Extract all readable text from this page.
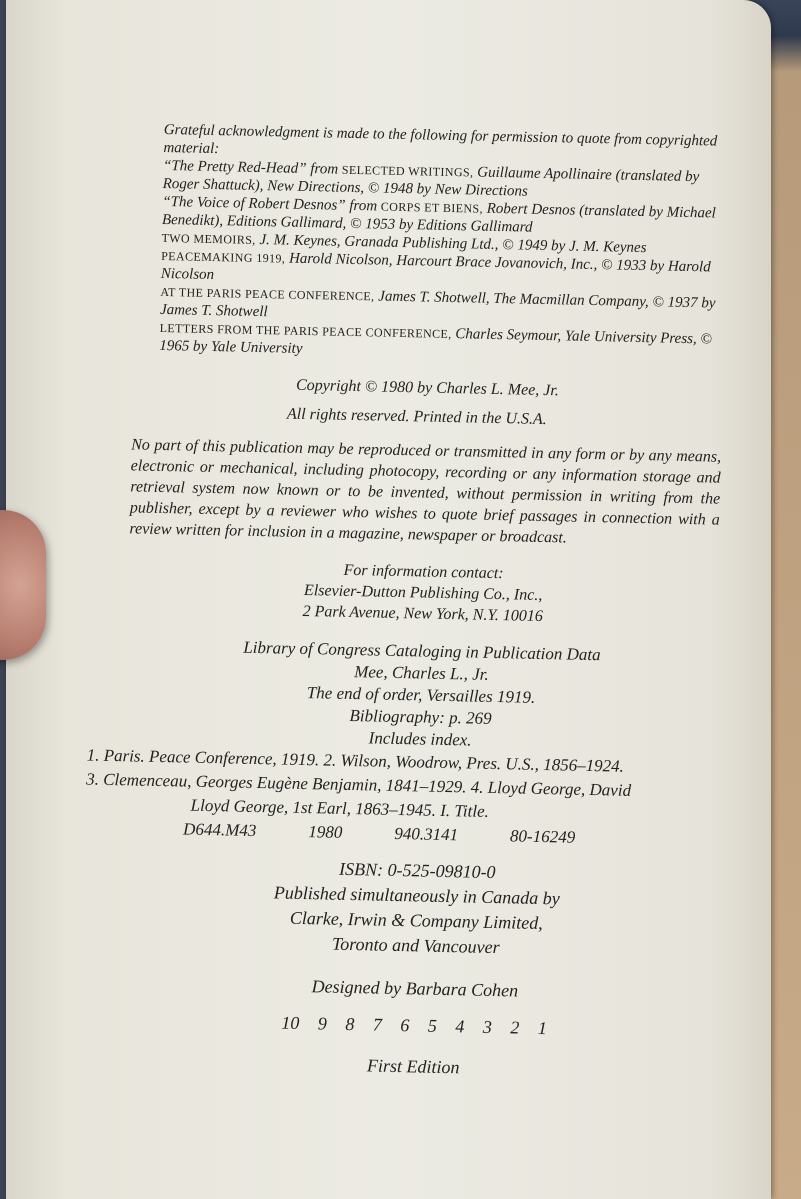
Grateful acknowledgment is made to the following for permission to quote from copyrighted material:

“The Pretty Red-Head” from SELECTED WRITINGS, Guillaume Apollinaire (translated by Roger Shattuck), New Directions, © 1948 by New Directions

“The Voice of Robert Desnos” from CORPS ET BIENS, Robert Desnos (translated by Michael Benedikt), Editions Gallimard, © 1953 by Editions Gallimard

TWO MEMOIRS, J. M. Keynes, Granada Publishing Ltd., © 1949 by J. M. Keynes

PEACEMAKING 1919, Harold Nicolson, Harcourt Brace Jovanovich, Inc., © 1933 by Harold Nicolson

AT THE PARIS PEACE CONFERENCE, James T. Shotwell, The Macmillan Company, © 1937 by James T. Shotwell

LETTERS FROM THE PARIS PEACE CONFERENCE, Charles Seymour, Yale University Press, © 1965 by Yale University

Copyright © 1980 by Charles L. Mee, Jr.
All rights reserved. Printed in the U.S.A.
No part of this publication may be reproduced or transmitted in any form or by any means, electronic or mechanical, including photocopy, recording or any information storage and retrieval system now known or to be invented, without permission in writing from the publisher, except by a reviewer who wishes to quote brief passages in connection with a review written for inclusion in a magazine, newspaper or broadcast.
For information contact:
Elsevier-Dutton Publishing Co., Inc.,
2 Park Avenue, New York, N.Y. 10016
Library of Congress Cataloging in Publication Data
Mee, Charles L., Jr.
The end of order, Versailles 1919.
Bibliography: p. 269
Includes index.
1. Paris. Peace Conference, 1919. 2. Wilson, Woodrow, Pres. U.S., 1856–1924.
3. Clemenceau, Georges Eugène Benjamin, 1841–1929. 4. Lloyd George, David
Lloyd George, 1st Earl, 1863–1945. I. Title.
D644.M43	1980	940.3141	80-16249
ISBN: 0-525-09810-0
Published simultaneously in Canada by
Clarke, Irwin & Company Limited,
Toronto and Vancouver
Designed by Barbara Cohen
10 9 8 7 6 5 4 3 2 1
First Edition
